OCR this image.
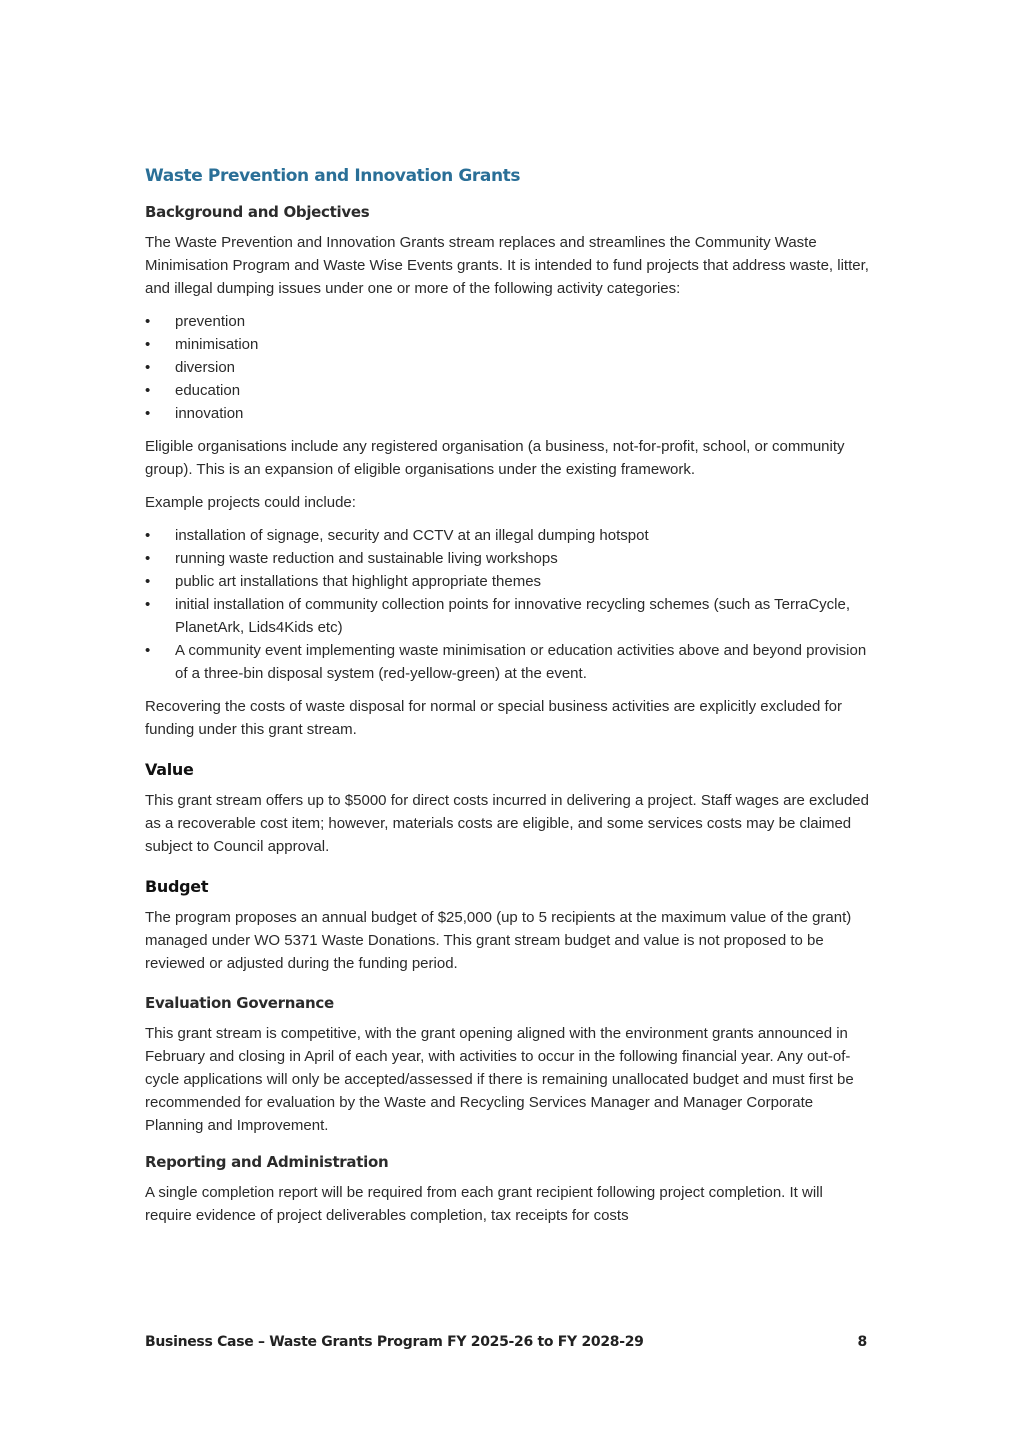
Waste Prevention and Innovation Grants
Background and Objectives

The Waste Prevention and Innovation Grants stream replaces and streamlines the Community Waste Minimisation Program and Waste Wise Events grants. It is intended to fund projects that address waste, litter, and illegal dumping issues under one or more of the following activity categories:

• prevention
• minimisation
• diversion
• education
• innovation

Eligible organisations include any registered organisation (a business, not-for-profit, school, or community group). This is an expansion of eligible organisations under the existing framework.

Example projects could include:

• installation of signage, security and CCTV at an illegal dumping hotspot
• running waste reduction and sustainable living workshops
• public art installations that highlight appropriate themes
• initial installation of community collection points for innovative recycling schemes (such as TerraCycle, PlanetArk, Lids4Kids etc)
• A community event implementing waste minimisation or education activities above and beyond provision of a three-bin disposal system (red-yellow-green) at the event.

Recovering the costs of waste disposal for normal or special business activities are explicitly excluded for funding under this grant stream.

Value

This grant stream offers up to $5000 for direct costs incurred in delivering a project. Staff wages are excluded as a recoverable cost item; however, materials costs are eligible, and some services costs may be claimed subject to Council approval.

Budget

The program proposes an annual budget of $25,000 (up to 5 recipients at the maximum value of the grant) managed under WO 5371 Waste Donations. This grant stream budget and value is not proposed to be reviewed or adjusted during the funding period.

Evaluation Governance

This grant stream is competitive, with the grant opening aligned with the environment grants announced in February and closing in April of each year, with activities to occur in the following financial year. Any out-of-cycle applications will only be accepted/assessed if there is remaining unallocated budget and must first be recommended for evaluation by the Waste and Recycling Services Manager and Manager Corporate Planning and Improvement.

Reporting and Administration

A single completion report will be required from each grant recipient following project completion. It will require evidence of project deliverables completion, tax receipts for costs

Business Case – Waste Grants Program FY 2025-26 to FY 2028-29	8
